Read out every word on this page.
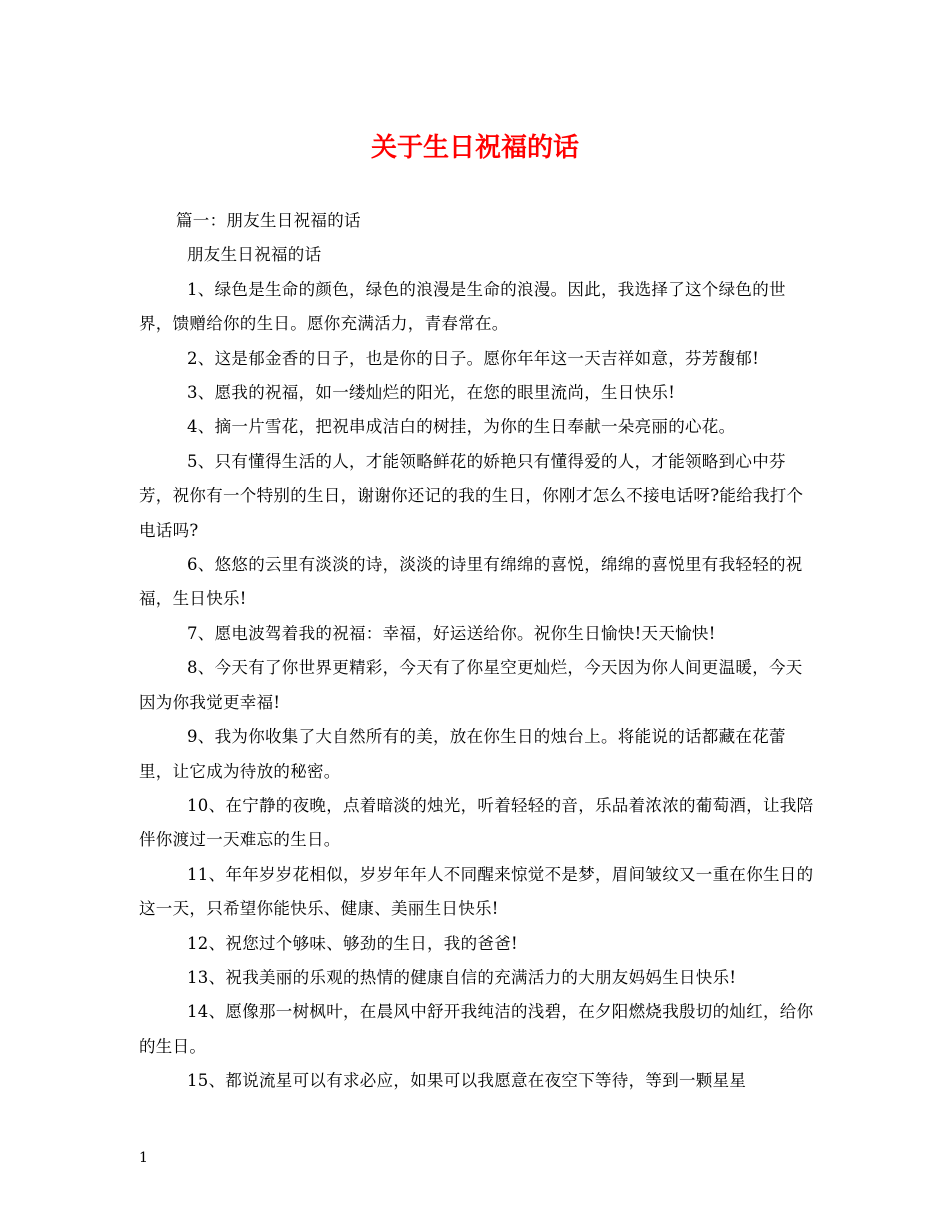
关于生日祝福的话

篇一：朋友生日祝福的话

朋友生日祝福的话

1、绿色是生命的颜色，绿色的浪漫是生命的浪漫。因此，我选择了这个绿色的世界，馈赠给你的生日。愿你充满活力，青春常在。

2、这是郁金香的日子，也是你的日子。愿你年年这一天吉祥如意，芬芳馥郁!

3、愿我的祝福，如一缕灿烂的阳光，在您的眼里流尚，生日快乐!

4、摘一片雪花，把祝串成洁白的树挂，为你的生日奉献一朵亮丽的心花。

5、只有懂得生活的人，才能领略鲜花的娇艳只有懂得爱的人，才能领略到心中芬芳，祝你有一个特别的生日，谢谢你还记的我的生日，你刚才怎么不接电话呀?能给我打个电话吗?

6、悠悠的云里有淡淡的诗，淡淡的诗里有绵绵的喜悦，绵绵的喜悦里有我轻轻的祝福，生日快乐!

7、愿电波驾着我的祝福：幸福，好运送给你。祝你生日愉快!天天愉快!

8、今天有了你世界更精彩，今天有了你星空更灿烂，今天因为你人间更温暖，今天因为你我觉更幸福!

9、我为你收集了大自然所有的美，放在你生日的烛台上。将能说的话都藏在花蕾里，让它成为待放的秘密。

10、在宁静的夜晚，点着暗淡的烛光，听着轻轻的音，乐品着浓浓的葡萄酒，让我陪伴你渡过一天难忘的生日。

11、年年岁岁花相似，岁岁年年人不同醒来惊觉不是梦，眉间皱纹又一重在你生日的这一天，只希望你能快乐、健康、美丽生日快乐!

12、祝您过个够味、够劲的生日，我的爸爸!

13、祝我美丽的乐观的热情的健康自信的充满活力的大朋友妈妈生日快乐!

14、愿像那一树枫叶，在晨风中舒开我纯洁的浅碧，在夕阳燃烧我殷切的灿红，给你的生日。

15、都说流星可以有求必应，如果可以我愿意在夜空下等待，等到一颗星星

1
